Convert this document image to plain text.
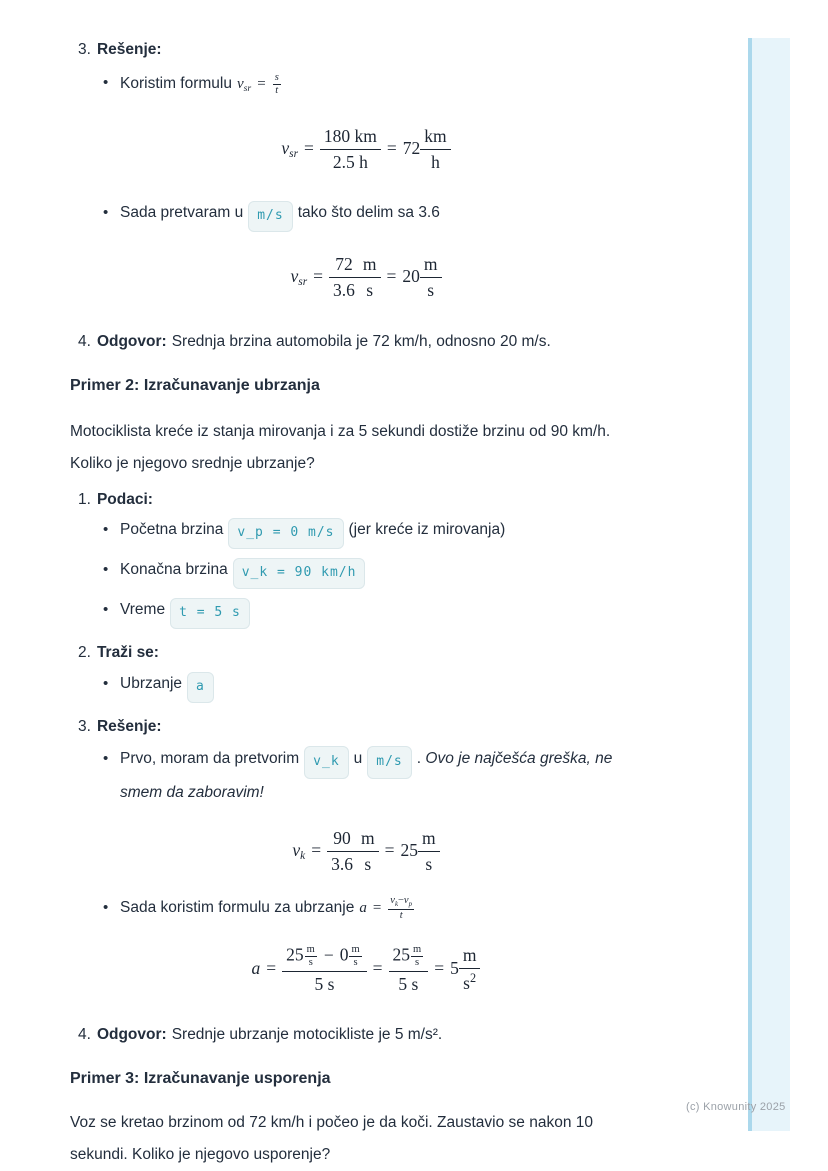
3. Rešenje:
•
Koristim formulu $v_{sr} = \frac{s}{t}$
vsr = $\frac{180 km}{2.5 h} = 72 \frac{km}{h}$
•
Sada pretvaram u m/s tako što delim sa 3.6
vsr = $\frac{72}{3.6} \frac{m}{s} = 20 \frac{m}{s}$
4. Odgovor: Srednja brzina automobila je 72 km/h, odnosno 20 m/s.
Primer 2: Izračunavanje ubrzanja
Motociklista kreće iz stanja mirovanja i za 5 sekundi dostiže brzinu od 90 km/h.
Koliko je njegovo srednje ubrzanje?
1. Podaci:
•
Početna brzina v_p = 0 m/s (jer kreće iz mirovanja)
•
Konačna brzina v_k = 90 km/h
•
Vreme t = 5 s
2. Traži se:
•
Ubrzanje a
3. Rešenje:
•
Prvo, moram da pretvorim v_k u m/s . Ovo je najčešća greška, ne
smem da zaboravim!
vk = $\frac{90}{3.6} \frac{m}{s} = 25 \frac{m}{s}$
•
Sada koristim formulu za ubrzanje $a = \frac{v_k-v_p}{t}$
$a = \frac{25 \frac{m}{s} - 0 \frac{m}{s}}{5 s} = \frac{25 \frac{m}{s}}{5 s} = 5 \frac{m}{s^2}$
4. Odgovor: Srednje ubrzanje motocikliste je 5 m/s².
Primer 3: Izračunavanje usporenja
Voz se kretao brzinom od 72 km/h i počeo je da koči. Zaustavio se nakon 10
sekundi. Koliko je njegovo usporenje?
(c) Knowunity 2025
